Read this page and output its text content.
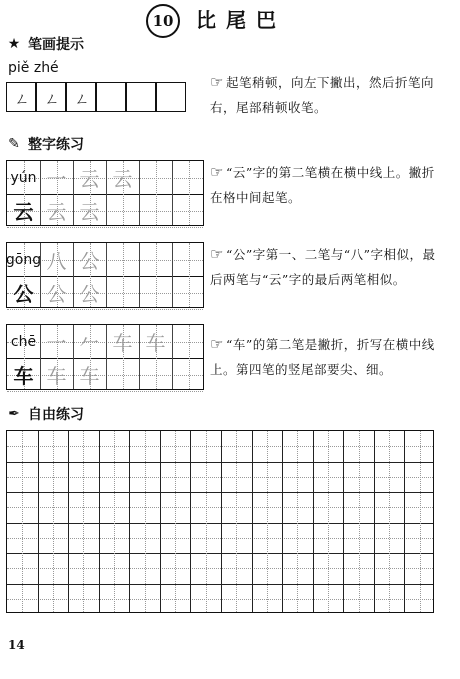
10	比尾巴
★ 笔画提示
piě zhé
ㄥ ㄥ ㄥ
☞ 起笔稍顿，向左下撇出，然后折笔向右，尾部稍顿收笔。
✎ 整字练习
yún 一 云 云
云 云 云
gōng 八 公
公 公 公
chē 一 𠂉 车 车
车 车 车
☞ “云”字的第二笔横在横中线上。撇折在格中间起笔。
☞ “公”字第一、二笔与“八”字相似，最后两笔与“云”字的最后两笔相似。
☞ “车”的第二笔是撇折，折写在横中线上。第四笔的竖尾部要尖、细。
✒ 自由练习
14
